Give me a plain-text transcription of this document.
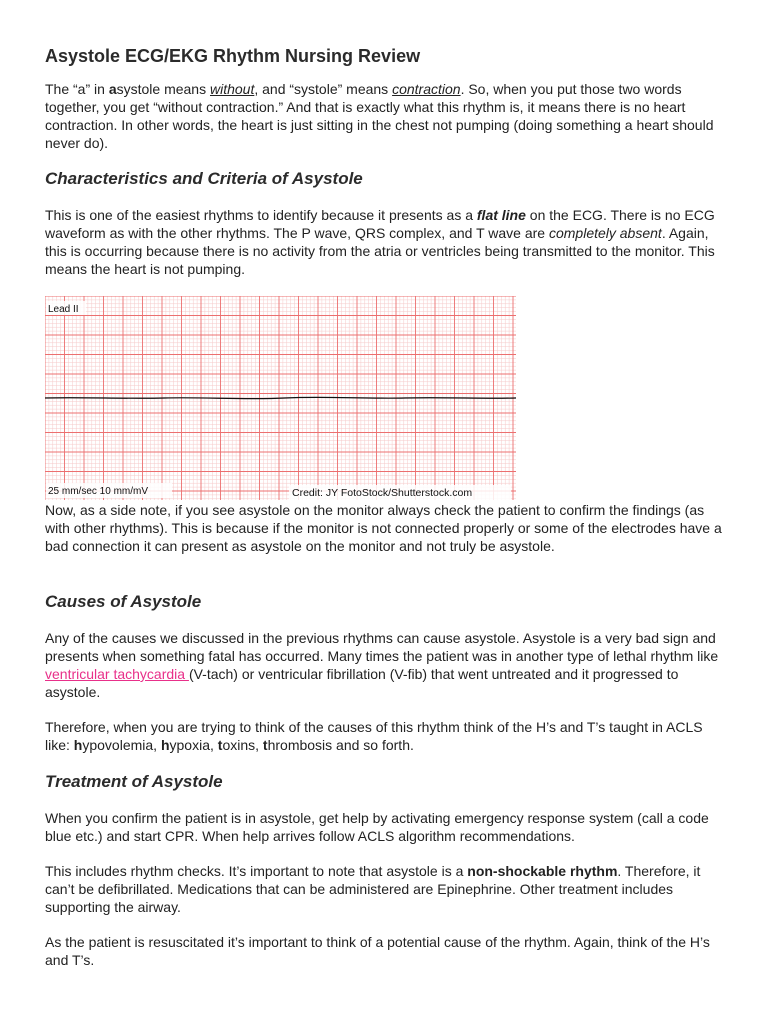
Asystole ECG/EKG Rhythm Nursing Review

The “a” in asystole means without, and “systole” means contraction. So, when you put those two words together, you get “without contraction.” And that is exactly what this rhythm is, it means there is no heart contraction. In other words, the heart is just sitting in the chest not pumping (doing something a heart should never do).

Characteristics and Criteria of Asystole

This is one of the easiest rhythms to identify because it presents as a flat line on the ECG. There is no ECG waveform as with the other rhythms. The P wave, QRS complex, and T wave are completely absent. Again, this is occurring because there is no activity from the atria or ventricles being transmitted to the monitor. This means the heart is not pumping.

Lead II
25 mm/sec 10 mm/mV	Credit: JY FotoStock/Shutterstock.com

Now, as a side note, if you see asystole on the monitor always check the patient to confirm the findings (as with other rhythms). This is because if the monitor is not connected properly or some of the electrodes have a bad connection it can present as asystole on the monitor and not truly be asystole.

Causes of Asystole

Any of the causes we discussed in the previous rhythms can cause asystole. Asystole is a very bad sign and presents when something fatal has occurred. Many times the patient was in another type of lethal rhythm like ventricular tachycardia (V-tach) or ventricular fibrillation (V-fib) that went untreated and it progressed to asystole.

Therefore, when you are trying to think of the causes of this rhythm think of the H’s and T’s taught in ACLS like: hypovolemia, hypoxia, toxins, thrombosis and so forth.

Treatment of Asystole

When you confirm the patient is in asystole, get help by activating emergency response system (call a code blue etc.) and start CPR. When help arrives follow ACLS algorithm recommendations.

This includes rhythm checks. It’s important to note that asystole is a non-shockable rhythm. Therefore, it can’t be defibrillated. Medications that can be administered are Epinephrine. Other treatment includes supporting the airway.

As the patient is resuscitated it’s important to think of a potential cause of the rhythm. Again, think of the H’s and T’s.
